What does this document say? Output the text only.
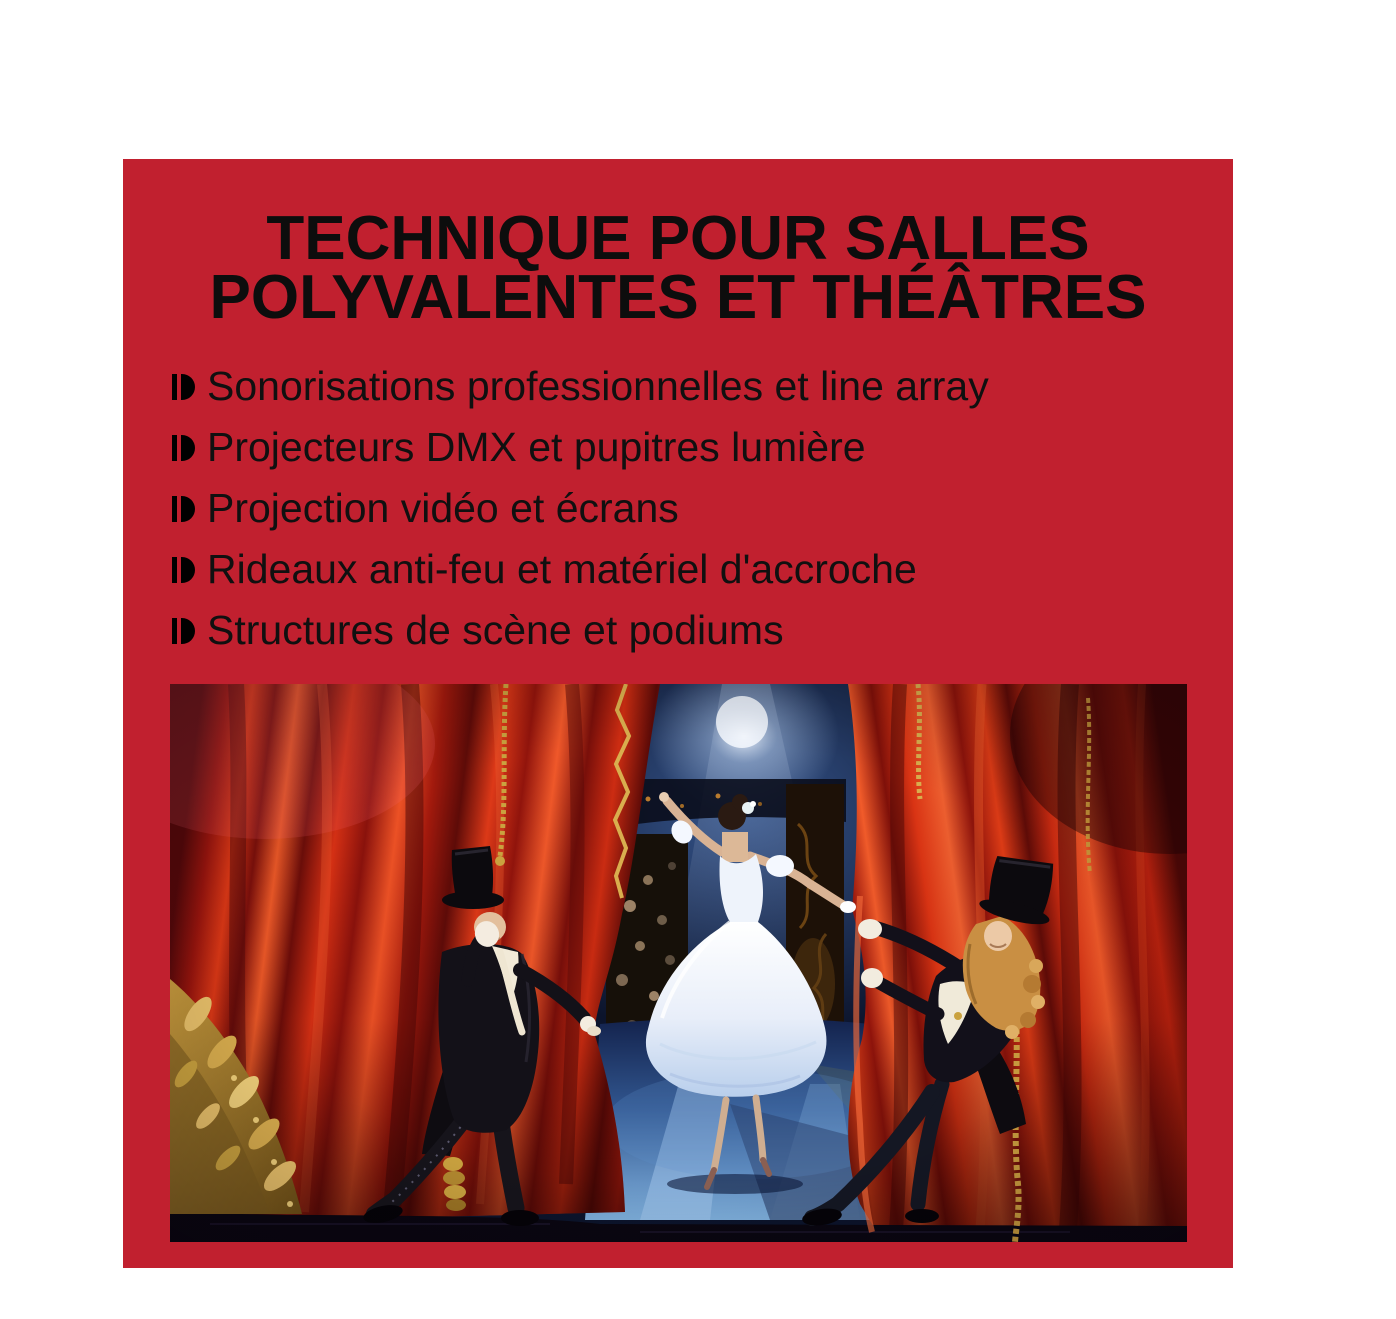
TECHNIQUE POUR SALLES
POLYVALENTES ET THÉÂTRES
Sonorisations professionnelles et line array
Projecteurs DMX et pupitres lumière
Projection vidéo et écrans
Rideaux anti-feu et matériel d'accroche
Structures de scène et podiums
